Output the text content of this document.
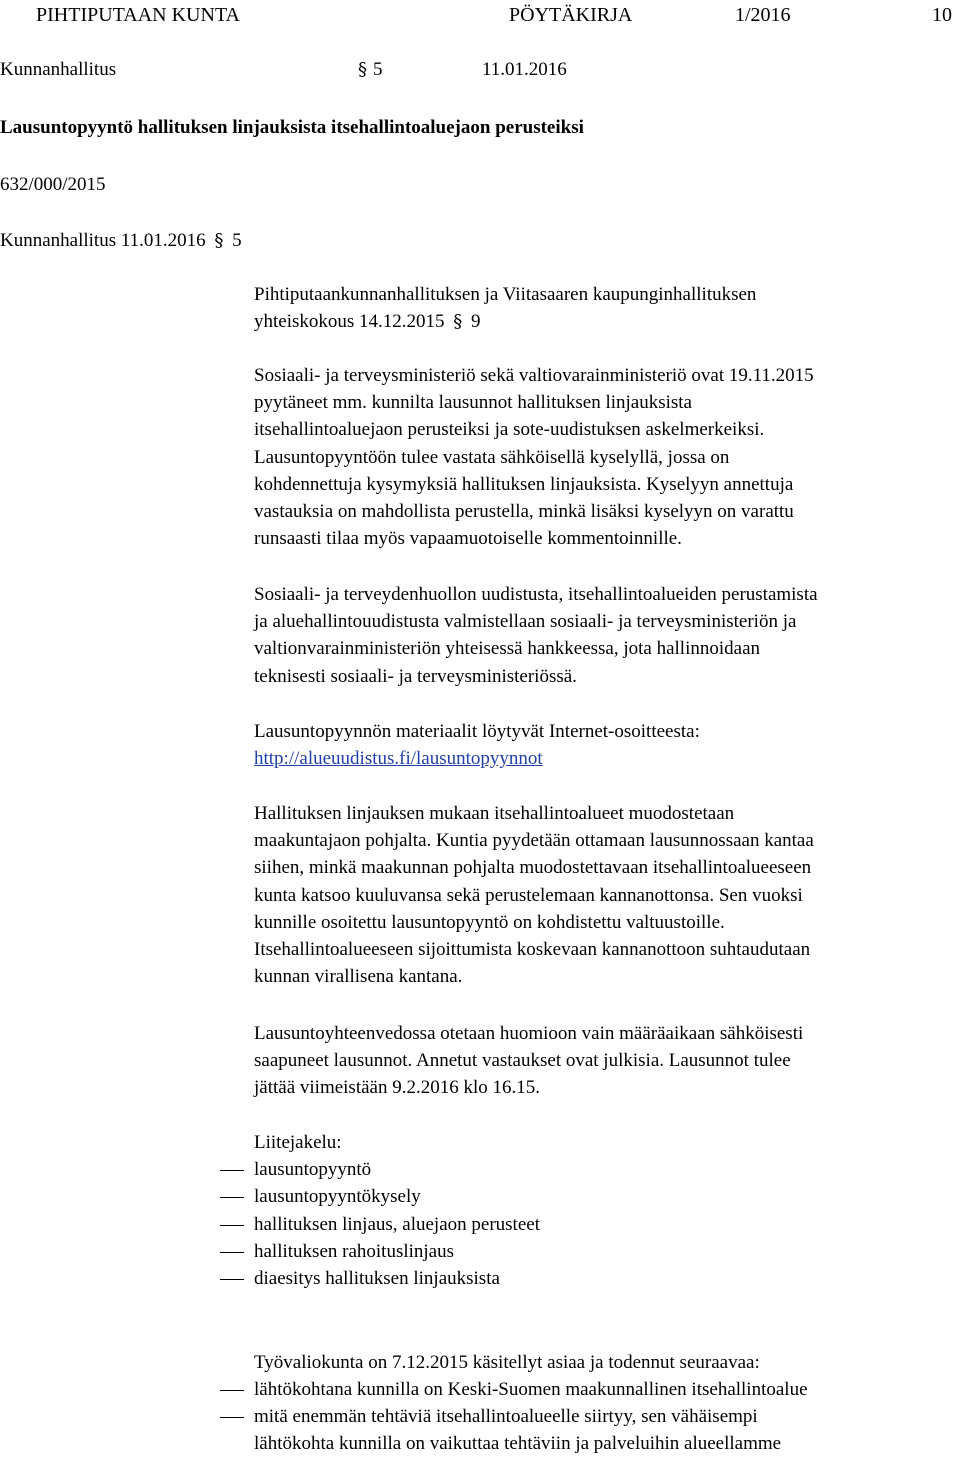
PIHTIPUTAAN KUNTA	PÖYTÄKIRJA	1/2016	10
Kunnanhallitus	§ 5	11.01.2016
Lausuntopyyntö hallituksen linjauksista itsehallintoaluejaon perusteiksi
632/000/2015
Kunnanhallitus 11.01.2016 § 5

Pihtiputaankunnanhallituksen ja Viitasaaren kaupunginhallituksen

yhteiskokous 14.12.2015 § 9

Sosiaali- ja terveysministeriö sekä valtiovarainministeriö ovat 19.11.2015

pyytäneet mm. kunnilta lausunnot hallituksen linjauksista

itsehallintoaluejaon perusteiksi ja sote-uudistuksen askelmerkeiksi.

Lausuntopyyntöön tulee vastata sähköisellä kyselyllä, jossa on

kohdennettuja kysymyksiä hallituksen linjauksista. Kyselyyn annettuja

vastauksia on mahdollista perustella, minkä lisäksi kyselyyn on varattu

runsaasti tilaa myös vapaamuotoiselle kommentoinnille.

Sosiaali- ja terveydenhuollon uudistusta, itsehallintoalueiden perustamista

ja aluehallintouudistusta valmistellaan sosiaali- ja terveysministeriön ja

valtionvarainministeriön yhteisessä hankkeessa, jota hallinnoidaan

teknisesti sosiaali- ja terveysministeriössä.

Lausuntopyynnön materiaalit löytyvät Internet-osoitteesta:

http://alueuudistus.fi/lausuntopyynnot

Hallituksen linjauksen mukaan itsehallintoalueet muodostetaan

maakuntajaon pohjalta. Kuntia pyydetään ottamaan lausunnossaan kantaa

siihen, minkä maakunnan pohjalta muodostettavaan itsehallintoalueeseen

kunta katsoo kuuluvansa sekä perustelemaan kannanottonsa. Sen vuoksi

kunnille osoitettu lausuntopyyntö on kohdistettu valtuustoille.

Itsehallintoalueeseen sijoittumista koskevaan kannanottoon suhtaudutaan

kunnan virallisena kantana.

Lausuntoyhteenvedossa otetaan huomioon vain määräaikaan sähköisesti

saapuneet lausunnot. Annetut vastaukset ovat julkisia. Lausunnot tulee

jättää viimeistään 9.2.2016 klo 16.15.

Liitejakelu:
lausuntopyyntö
lausuntopyyntökysely
hallituksen linjaus, aluejaon perusteet
hallituksen rahoituslinjaus
diaesitys hallituksen linjauksista
Työvaliokunta on 7.12.2015 käsitellyt asiaa ja todennut seuraavaa:
lähtökohtana kunnilla on Keski-Suomen maakunnallinen itsehallintoalue
mitä enemmän tehtäviä itsehallintoalueelle siirtyy, sen vähäisempi
lähtökohta kunnilla on vaikuttaa tehtäviin ja palveluihin alueellamme
